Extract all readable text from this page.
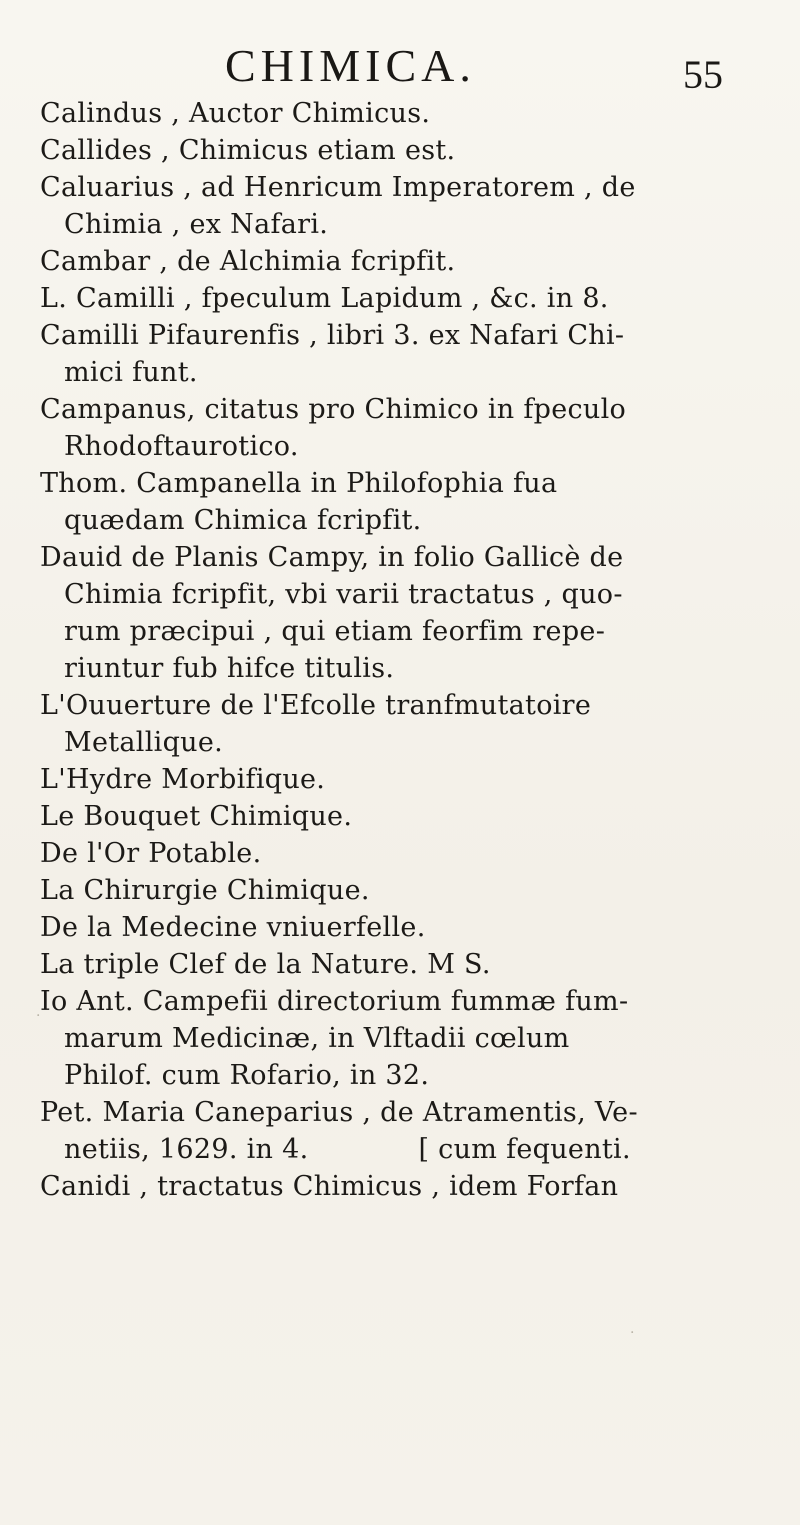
CHIMICA.	55
Calindus , Auctor Chimicus.
Callides , Chimicus etiam est.
Caluarius , ad Henricum Imperatorem , de
Chimia , ex Nafari.
Cambar , de Alchimia fcripfit.
L. Camilli , fpeculum Lapidum , &c. in 8.
Camilli Pifaurenfis , libri 3. ex Nafari Chi-
mici funt.
Campanus, citatus pro Chimico in fpeculo
Rhodoftaurotico.
Thom. Campanella in Philofophia fua
quædam Chimica fcripfit.
Dauid de Planis Campy, in folio Gallicè de
Chimia fcripfit, vbi varii tractatus , quo-
rum præcipui , qui etiam feorfim repe-
riuntur fub hifce titulis.
L'Ouuerture de l'Efcolle tranfmutatoire
Metallique.
L'Hydre Morbifique.
Le Bouquet Chimique.
De l'Or Potable.
La Chirurgie Chimique.
De la Medecine vniuerfelle.
La triple Clef de la Nature. M S.
Io Ant. Campefii directorium fummæ fum-
marum Medicinæ, in Vlftadii cœlum
Philof. cum Rofario, in 32.
Pet. Maria Caneparius , de Atramentis, Ve-
netiis, 1629. in 4.	[ cum fequenti.
Canidi , tractatus Chimicus , idem Forfan
·
·
